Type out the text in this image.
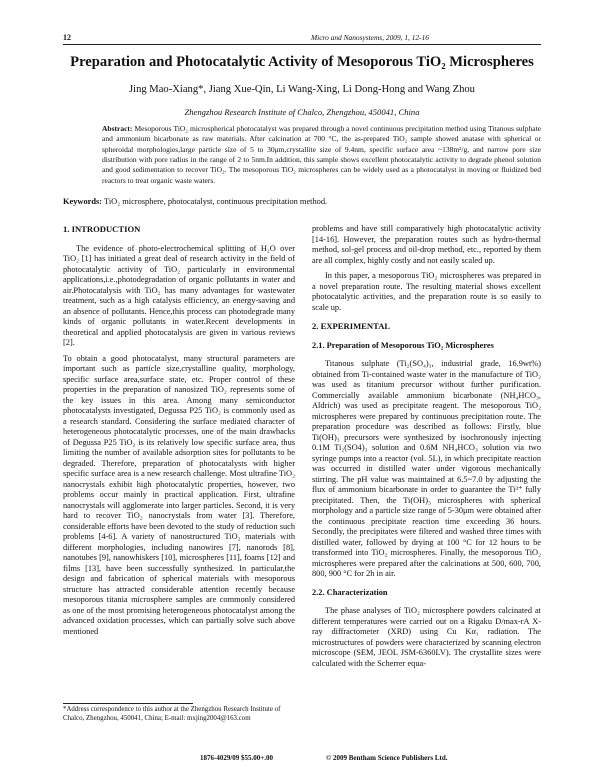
12	Micro and Nanosystems, 2009, 1, 12-16
Preparation and Photocatalytic Activity of Mesoporous TiO₂ Microspheres
Jing Mao-Xiang*, Jiang Xue-Qin, Li Wang-Xing, Li Dong-Hong and Wang Zhou
Zhengzhou Research Institute of Chalco, Zhengzhou, 450041, China
Abstract: Mesoporous TiO₂ microspherical photocatalyst was prepared through a novel continuous precipitation method using Titanous sulphate and ammonium bicarbonate as raw materials. After calcination at 700 °C, the as-prepared TiO₂ sample showed anatase with spherical or spheroidal morphologies,large particle size of 5 to 30μm,crystallite size of 9.4nm, specific surface area ~138m²/g, and narrow pore size distribution with pore radius in the range of 2 to 5nm.In addition, this sample shows excellent photocatalytic activity to degrade phenol solution and good sedimentation to recover TiO₂. The mesoporous TiO₂ microspheres can be widely used as a photocatalyst in moving or fluidized bed reactors to treat organic waste waters.
Keywords: TiO₂ microsphere, photocatalyst, continuous precipitation method.

1. INTRODUCTION

The evidence of photo-electrochemical splitting of H₂O over TiO₂ [1] has initiated a great deal of research activity in the field of photocatalytic activity of TiO₂ particularly in environmental applications,i.e.,photodegradation of organic pollutants in water and air.Photocatalysis with TiO₂ has many advantages for wastewater treatment, such as a high catalysis efficiency, an energy-saving and an absence of pollutants. Hence,this process can photodegrade many kinds of organic pollutants in water.Recent developments in theoretical and applied photocatalysis are given in various reviews [2].

To obtain a good photocatalyst, many structural parameters are important such as particle size,crystalline quality, morphology, specific surface area,surface state, etc. Proper control of these properties in the preparation of nanosized TiO₂ represents some of the key issues in this area. Among many semiconductor photocatalysts investigated, Degussa P25 TiO₂ is commonly used as a research standard. Considering the surface mediated character of heterogeneous photocatalytic processes, one of the main drawbacks of Degussa P25 TiO₂ is its relatively low specific surface area, thus limiting the number of available adsorption sites for pollutants to be degraded. Therefore, preparation of photocatalysts with higher specific surface area is a new research challenge. Most ultrafine TiO₂ nanocrystals exhibit high photocatalytic properties, however, two problems occur mainly in practical application. First, ultrafine nanocrystals will agglomerate into larger particles. Second, it is very hard to recover TiO₂ nanocrystals from water [3]. Therefore, considerable efforts have been devoted to the study of reduction such problems [4-6]. A variety of nanostructured TiO₂ materials with different morphologies, including nanowires [7], nanorods [8], nanotubes [9], nanowhiskers [10], microspheres [11], foams [12] and films [13], have been successfully synthesized. In particular,the design and fabrication of spherical materials with mesoporous structure has attracted considerable attention recently because mesoporous titania microsphere samples are commonly considered as one of the most promising heterogeneous photocatalyst among the advanced oxidation processes, which can partially solve such above mentioned

problems and have still comparatively high photocatalytic activity [14-16]. However, the preparation routes such as hydro-thermal method, sol-gel process and oil-drop method, etc., reported by them are all complex, highly costly and not easily scaled up.

In this paper, a mesoporous TiO₂ microspheres was prepared in a novel preparation route. The resulting material shows excellent photocatalytic activities, and the preparation route is so easily to scale up.

2. EXPERIMENTAL

2.1. Preparation of Mesoporous TiO₂ Microspheres

Titanous sulphate (Ti₂(SO₄)₃, industrial grade, 16.9wt%) obtained from Ti-contained waste water in the manufacture of TiO₂ was used as titanium precursor without further purification. Commercially available ammonium bicarbonate (NH₄HCO₃, Aldrich) was used as precipitate reagent. The mesoporous TiO₂ microspheres were prepared by continuous precipitation route. The preparation procedure was described as follows: Firstly, blue Ti(OH)₃ precursors were synthesized by isochronously injecting 0.1M Ti₂(SO4)₃ solution and 0.6M NH₄HCO₃ solution via two syringe pumps into a reactor (vol. 5L), in which precipitate reaction was occurred in distilled water under vigorous mechanically stirring. The pH value was maintained at 6.5~7.0 by adjusting the flux of ammonium bicarbonate in order to guarantee the Ti³⁺ fully precipitated. Then, the Ti(OH)₃ microspheres with spherical morphology and a particle size range of 5-30μm were obtained after the continuous precipitate reaction time exceeding 36 hours. Secondly, the precipitates were filtered and washed three times with distilled water, followed by drying at 100 °C for 12 hours to be transformed into TiO₂ microspheres. Finally, the mesoporous TiO₂ microspheres were prepared after the calcinations at 500, 600, 700, 800, 900 °C for 2h in air.

2.2. Characterization

The phase analyses of TiO₂ microsphere powders calcinated at different temperatures were carried out on a Rigaku D/max-rA X-ray diffractometer (XRD) using Cu Kα₁ radiation. The microstructures of powders were characterized by scanning electron microscope (SEM, JEOL JSM-6360LV). The crystallite sizes were calculated with the Scherrer equa-

*Address correspondence to this author at the Zhengzhou Research Institute of Chalco, Zhengzhou, 450041, China; E-mail: mxjing2004@163.com
1876-4029/09 $55.00+.00	© 2009 Bentham Science Publishers Ltd.
